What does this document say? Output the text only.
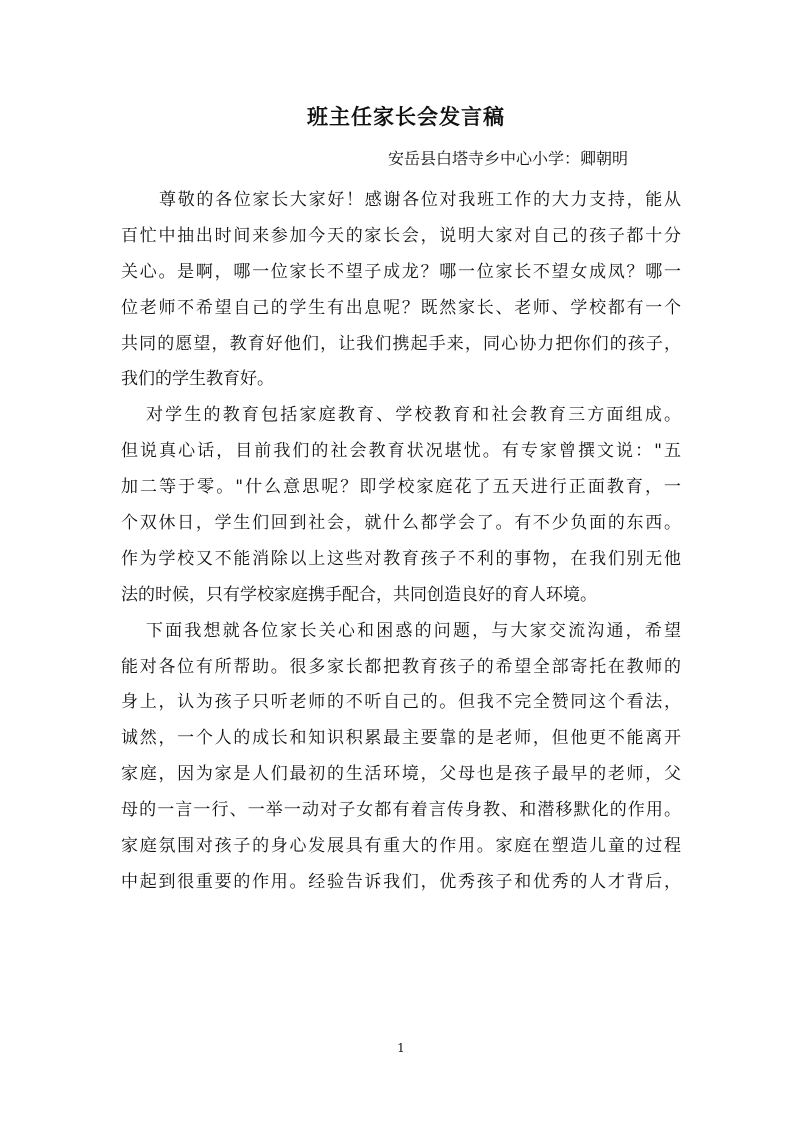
班主任家长会发言稿
安岳县白塔寺乡中心小学：卿朝明
尊敬的各位家长大家好！感谢各位对我班工作的大力支持，能从
百忙中抽出时间来参加今天的家长会，说明大家对自己的孩子都十分
关心。是啊，哪一位家长不望子成龙？哪一位家长不望女成凤？哪一
位老师不希望自己的学生有出息呢？既然家长、老师、学校都有一个
共同的愿望，教育好他们，让我们携起手来，同心协力把你们的孩子，
我们的学生教育好。
对学生的教育包括家庭教育、学校教育和社会教育三方面组成。
但说真心话，目前我们的社会教育状况堪忧。有专家曾撰文说："五
加二等于零。"什么意思呢？即学校家庭花了五天进行正面教育，一
个双休日，学生们回到社会，就什么都学会了。有不少负面的东西。
作为学校又不能消除以上这些对教育孩子不利的事物，在我们别无他
法的时候，只有学校家庭携手配合，共同创造良好的育人环境。
下面我想就各位家长关心和困惑的问题，与大家交流沟通，希望
能对各位有所帮助。很多家长都把教育孩子的希望全部寄托在教师的
身上，认为孩子只听老师的不听自己的。但我不完全赞同这个看法，
诚然，一个人的成长和知识积累最主要靠的是老师，但他更不能离开
家庭，因为家是人们最初的生活环境，父母也是孩子最早的老师，父
母的一言一行、一举一动对子女都有着言传身教、和潜移默化的作用。
家庭氛围对孩子的身心发展具有重大的作用。家庭在塑造儿童的过程
中起到很重要的作用。经验告诉我们，优秀孩子和优秀的人才背后，
1
